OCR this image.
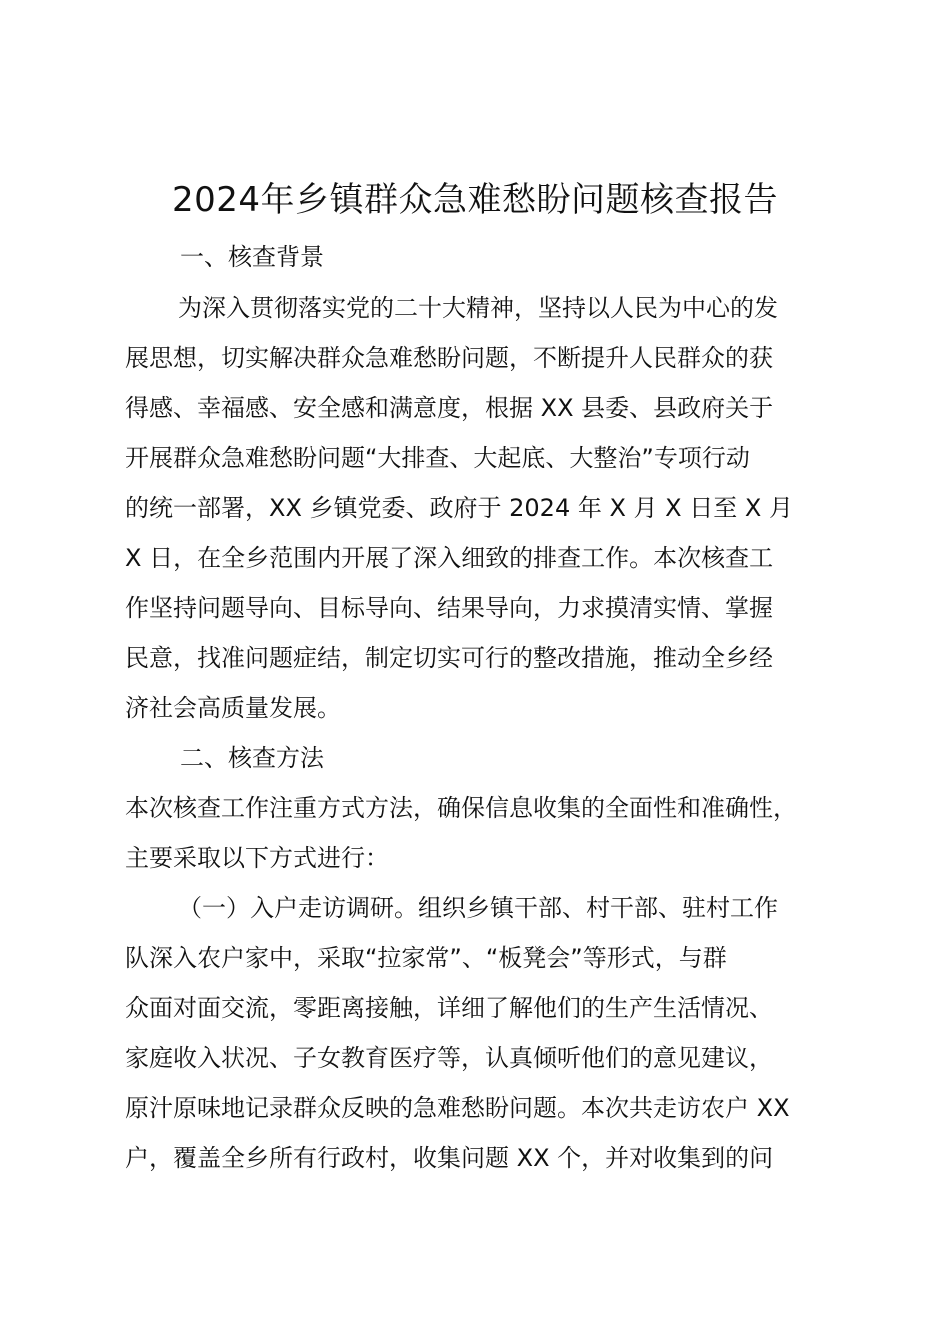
2024年乡镇群众急难愁盼问题核查报告

一、核查背景

为深入贯彻落实党的二十大精神，坚持以人民为中心的发

展思想，切实解决群众急难愁盼问题，不断提升人民群众的获

得感、幸福感、安全感和满意度，根据 XX 县委、县政府关于

开展群众急难愁盼问题“大排查、大起底、大整治”专项行动

的统一部署，XX 乡镇党委、政府于 2024 年 X 月 X 日至 X 月

X 日，在全乡范围内开展了深入细致的排查工作。本次核查工

作坚持问题导向、目标导向、结果导向，力求摸清实情、掌握

民意，找准问题症结，制定切实可行的整改措施，推动全乡经

济社会高质量发展。

二、核查方法

本次核查工作注重方式方法，确保信息收集的全面性和准确性，

主要采取以下方式进行：

（一）入户走访调研。组织乡镇干部、村干部、驻村工作

队深入农户家中，采取“拉家常”、“板凳会”等形式，与群

众面对面交流，零距离接触，详细了解他们的生产生活情况、

家庭收入状况、子女教育医疗等，认真倾听他们的意见建议，

原汁原味地记录群众反映的急难愁盼问题。本次共走访农户 XX

户，覆盖全乡所有行政村，收集问题 XX 个，并对收集到的问
